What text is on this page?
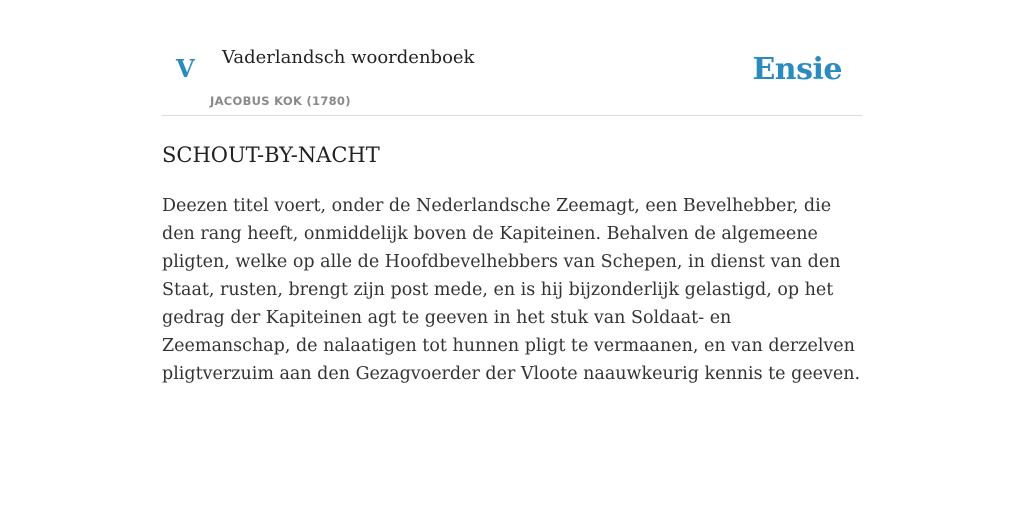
V Vaderlandsch woordenboek
JACOBUS KOK (1780)
Ensie
SCHOUT-BY-NACHT

Deezen titel voert, onder de Nederlandsche Zeemagt, een Bevelhebber, die den rang heeft, onmiddelijk boven de Kapiteinen. Behalven de algemeene pligten, welke op alle de Hoofdbevelhebbers van Schepen, in dienst van den Staat, rusten, brengt zijn post mede, en is hij bijzonderlijk gelastigd, op het gedrag der Kapiteinen agt te geeven in het stuk van Soldaat- en Zeemanschap, de nalaatigen tot hunnen pligt te vermaanen, en van derzelven pligtverzuim aan den Gezagvoerder der Vloote naauwkeurig kennis te geeven.
